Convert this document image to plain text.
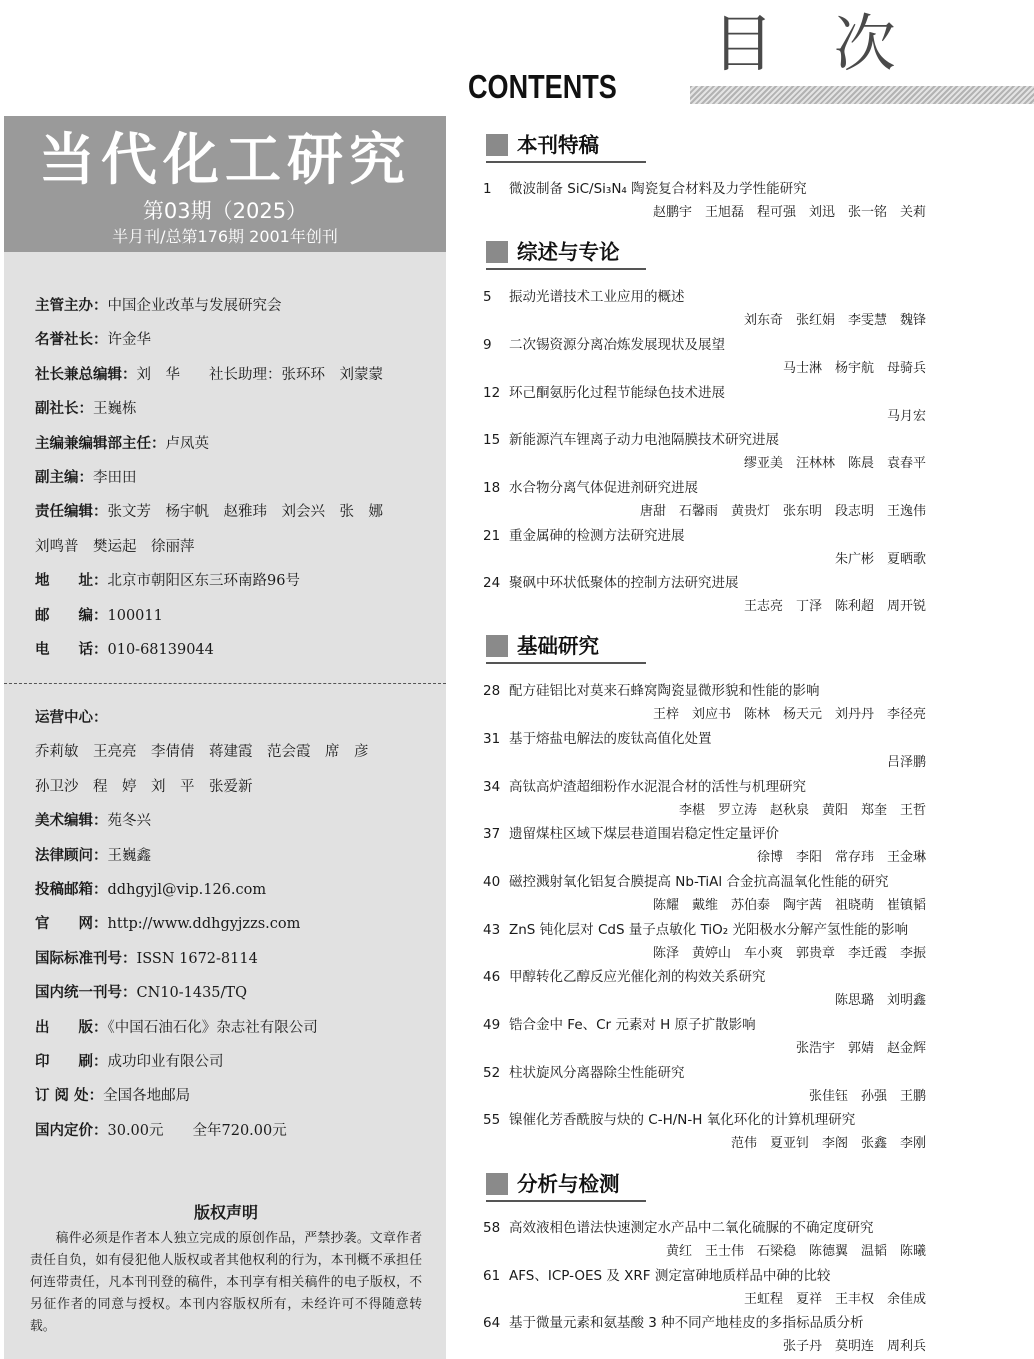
目 次
CONTENTS
当代化工研究
第03期（2025）
半月刊/总第176期 2001年创刊
主管主办：中国企业改革与发展研究会
名誉社长：许金华
社长兼总编辑：刘　华　　社长助理：张环环　刘蒙蒙
副社长：王巍栋
主编兼编辑部主任：卢凤英
副主编：李田田
责任编辑：张文芳　杨宇帆　赵雅玮　刘会兴　张　娜
刘鸣普　樊运起　徐丽萍
地　　址：北京市朝阳区东三环南路96号
邮　　编：100011
电　　话：010-68139044
运营中心：
乔莉敏　王亮亮　李倩倩　蒋建霞　范会霞　席　彦
孙卫沙　程　婷　刘　平　张爱新
美术编辑：苑冬兴
法律顾问：王巍鑫
投稿邮箱：ddhgyjl@vip.126.com
官　　网：http://www.ddhgyjzzs.com
国际标准刊号：ISSN 1672-8114
国内统一刊号：CN10-1435/TQ
出　　版：《中国石油石化》杂志社有限公司
印　　刷：成功印业有限公司
订 阅 处：全国各地邮局
国内定价：30.00元　　全年720.00元
版权声明

稿件必须是作者本人独立完成的原创作品，严禁抄袭。文章作者责任自负，如有侵犯他人版权或者其他权利的行为，本刊概不承担任何连带责任，凡本刊刊登的稿件，本刊享有相关稿件的电子版权，不另征作者的同意与授权。本刊内容版权所有，未经许可不得随意转载。

本刊特稿
1 微波制备 SiC/Si₃N₄ 陶瓷复合材料及力学性能研究
赵鹏宇　王旭磊　程可强　刘迅　张一铭　关莉
综述与专论
5 振动光谱技术工业应用的概述
刘东奇　张红娟　李雯慧　魏锋
9 二次锡资源分离冶炼发展现状及展望
马士淋　杨宇航　母骑兵
12 环己酮氨肟化过程节能绿色技术进展
马月宏
15 新能源汽车锂离子动力电池隔膜技术研究进展
缪亚美　汪林林　陈晨　袁春平
18 水合物分离气体促进剂研究进展
唐甜　石馨雨　黄贵灯　张东明　段志明　王逸伟
21 重金属砷的检测方法研究进展
朱广彬　夏晒歌
24 聚砜中环状低聚体的控制方法研究进展
王志亮　丁泽　陈利超　周开锐
基础研究
28 配方硅铝比对莫来石蜂窝陶瓷显微形貌和性能的影响
王梓　刘应书　陈林　杨天元　刘丹丹　李径亮
31 基于熔盐电解法的废钛高值化处置
吕泽鹏
34 高钛高炉渣超细粉作水泥混合材的活性与机理研究
李椹　罗立涛　赵秋泉　黄阳　郑奎　王哲
37 遗留煤柱区域下煤层巷道围岩稳定性定量评价
徐博　李阳　常存玮　王金琳
40 磁控溅射氧化铝复合膜提高 Nb-TiAl 合金抗高温氧化性能的研究
陈耀　戴维　苏伯泰　陶宇茜　祖晓萌　崔镇韬
43 ZnS 钝化层对 CdS 量子点敏化 TiO₂ 光阳极水分解产氢性能的影响
陈泽　黄婷山　车小爽　郭贵章　李迁霞　李振
46 甲醇转化乙醇反应光催化剂的构效关系研究
陈思璐　刘明鑫
49 锆合金中 Fe、Cr 元素对 H 原子扩散影响
张浩宇　郭婧　赵金辉
52 柱状旋风分离器除尘性能研究
张佳钰　孙强　王鹏
55 镍催化芳香酰胺与炔的 C-H/N-H 氧化环化的计算机理研究
范伟　夏亚钊　李阁　张鑫　李刚
分析与检测
58 高效液相色谱法快速测定水产品中二氧化硫脲的不确定度研究
黄红　王士伟　石梁稳　陈德翼　温韬　陈曦
61 AFS、ICP-OES 及 XRF 测定富砷地质样品中砷的比较
王虹程　夏祥　王丰权　余佳成
64 基于微量元素和氨基酸 3 种不同产地桂皮的多指标品质分析
张子丹　莫明连　周利兵
